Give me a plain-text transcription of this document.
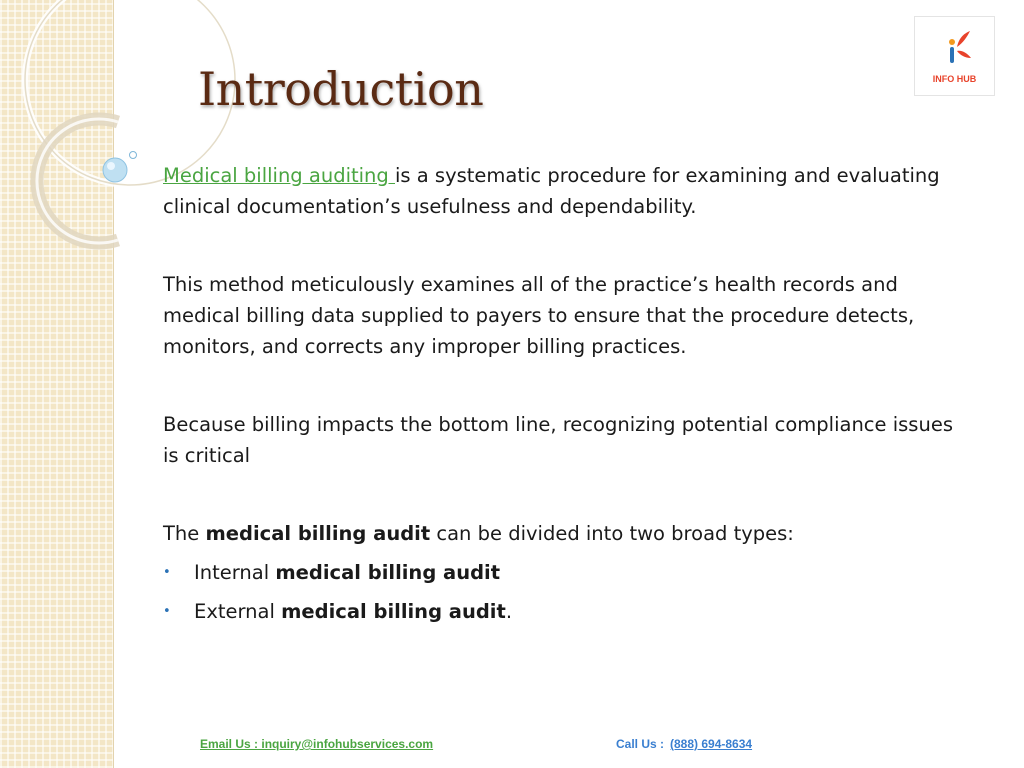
INFO HUB
Introduction

Medical billing auditing is a systematic procedure for examining and evaluating clinical documentation’s usefulness and dependability.

This method meticulously examines all of the practice’s health records and medical billing data supplied to payers to ensure that the procedure detects, monitors, and corrects any improper billing practices.

Because billing impacts the bottom line, recognizing potential compliance issues is critical

The medical billing audit can be divided into two broad types:

• Internal medical billing audit
• External medical billing audit.
Email Us : inquiry@infohubservices.com	Call Us : (888) 694-8634
